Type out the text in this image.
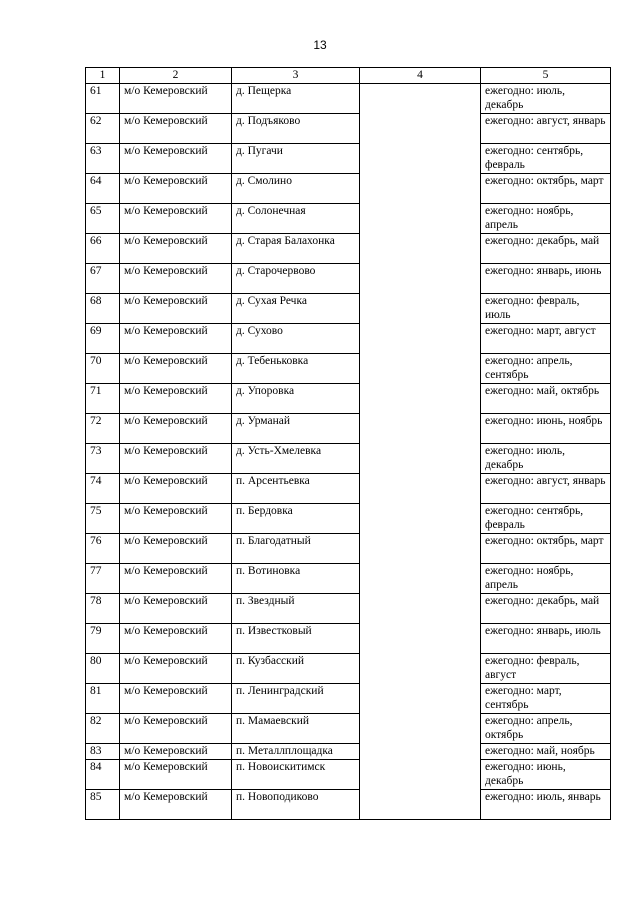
13
1	2	3	4	5
61	м/о Кемеровский	д. Пещерка		ежегодно: июль, декабрь
62	м/о Кемеровский	д. Подъяково		ежегодно: август, январь
63	м/о Кемеровский	д. Пугачи		ежегодно: сентябрь, февраль
64	м/о Кемеровский	д. Смолино		ежегодно: октябрь, март
65	м/о Кемеровский	д. Солонечная		ежегодно: ноябрь, апрель
66	м/о Кемеровский	д. Старая Балахонка		ежегодно: декабрь, май
67	м/о Кемеровский	д. Старочервово		ежегодно: январь, июнь
68	м/о Кемеровский	д. Сухая Речка		ежегодно: февраль, июль
69	м/о Кемеровский	д. Сухово		ежегодно: март, август
70	м/о Кемеровский	д. Тебеньковка		ежегодно: апрель, сентябрь
71	м/о Кемеровский	д. Упоровка		ежегодно: май, октябрь
72	м/о Кемеровский	д. Урманай		ежегодно: июнь, ноябрь
73	м/о Кемеровский	д. Усть-Хмелевка		ежегодно: июль, декабрь
74	м/о Кемеровский	п. Арсентьевка		ежегодно: август, январь
75	м/о Кемеровский	п. Бердовка		ежегодно: сентябрь, февраль
76	м/о Кемеровский	п. Благодатный		ежегодно: октябрь, март
77	м/о Кемеровский	п. Вотиновка		ежегодно: ноябрь, апрель
78	м/о Кемеровский	п. Звездный		ежегодно: декабрь, май
79	м/о Кемеровский	п. Известковый		ежегодно: январь, июль
80	м/о Кемеровский	п. Кузбасский		ежегодно: февраль, август
81	м/о Кемеровский	п. Ленинградский		ежегодно: март, сентябрь
82	м/о Кемеровский	п. Мамаевский		ежегодно: апрель, октябрь
83	м/о Кемеровский	п. Металлплощадка		ежегодно: май, ноябрь
84	м/о Кемеровский	п. Новоискитимск		ежегодно: июнь, декабрь
85	м/о Кемеровский	п. Новоподиково		ежегодно: июль, январь
